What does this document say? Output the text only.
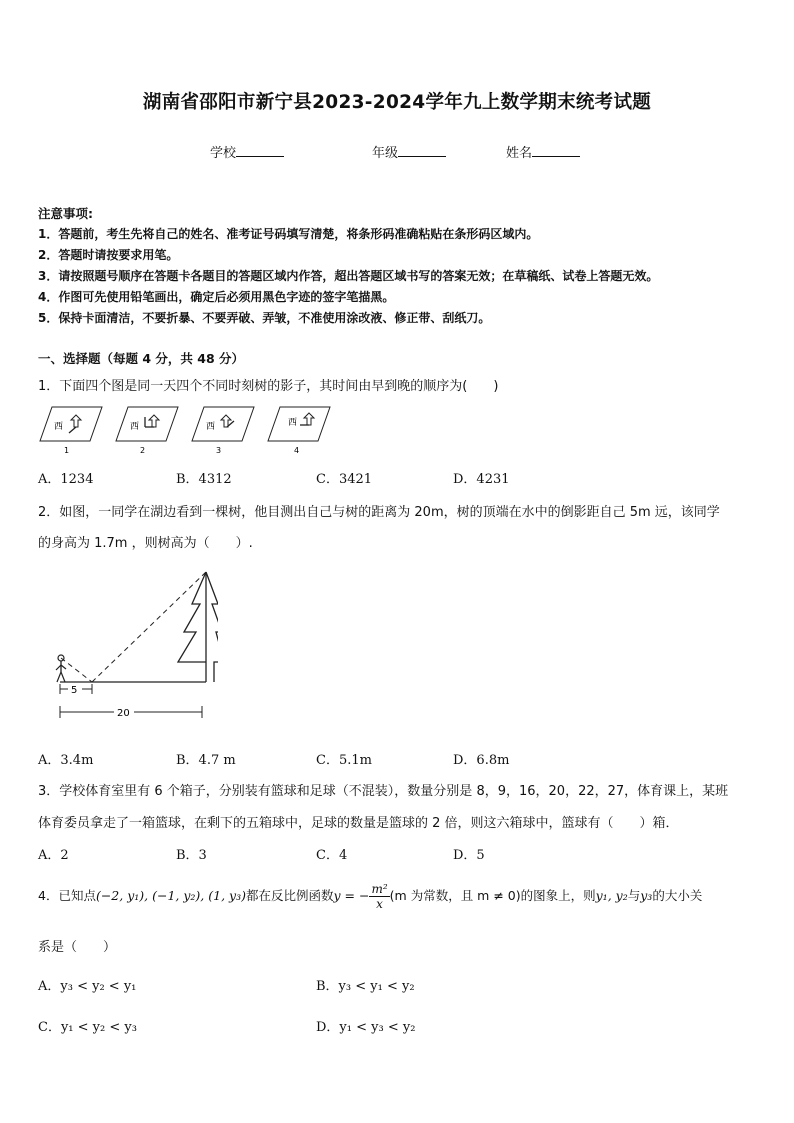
湖南省邵阳市新宁县2023-2024学年九上数学期末统考试题
学校	年级	姓名
注意事项:
1．答题前，考生先将自己的姓名、准考证号码填写清楚，将条形码准确粘贴在条形码区域内。
2．答题时请按要求用笔。
3．请按照题号顺序在答题卡各题目的答题区域内作答，超出答题区域书写的答案无效；在草稿纸、试卷上答题无效。
4．作图可先使用铅笔画出，确定后必须用黑色字迹的签字笔描黑。
5．保持卡面清洁，不要折暴、不要弄破、弄皱，不准使用涂改液、修正带、刮纸刀。
一、选择题（每题 4 分，共 48 分）
1．下面四个图是同一天四个不同时刻树的影子，其时间由早到晚的顺序为(　　)
西
1
西
2
西
3
西
4
A．1234	B．4312	C．3421	D．4231
2．如图，一同学在湖边看到一棵树，他目测出自己与树的距离为 20m，树的顶端在水中的倒影距自己 5m 远，该同学
的身高为 1.7m ，则树高为（　　）.
5
20
A．3.4m	B．4.7 m	C．5.1m	D．6.8m
3．学校体育室里有 6 个箱子，分别装有篮球和足球（不混装），数量分别是 8，9，16，20，22，27，体育课上，某班
体育委员拿走了一箱篮球，在剩下的五箱球中，足球的数量是篮球的 2 倍，则这六箱球中，篮球有（　　）箱．
A．2	B．3	C．4	D．5
4．已知点(−2, y₁), (−1, y₂), (1, y₃)都在反比例函数y = − $\frac{\text{m²}}{x} (m$ 为常数，且 m ≠ 0)的图象上，则y₁, y₂与y₃的大小关
系是（　　）
A．y₃ < y₂ < y₁	B．y₃ < y₁ < y₂
C．y₁ < y₂ < y₃	D．y₁ < y₃ < y₂
